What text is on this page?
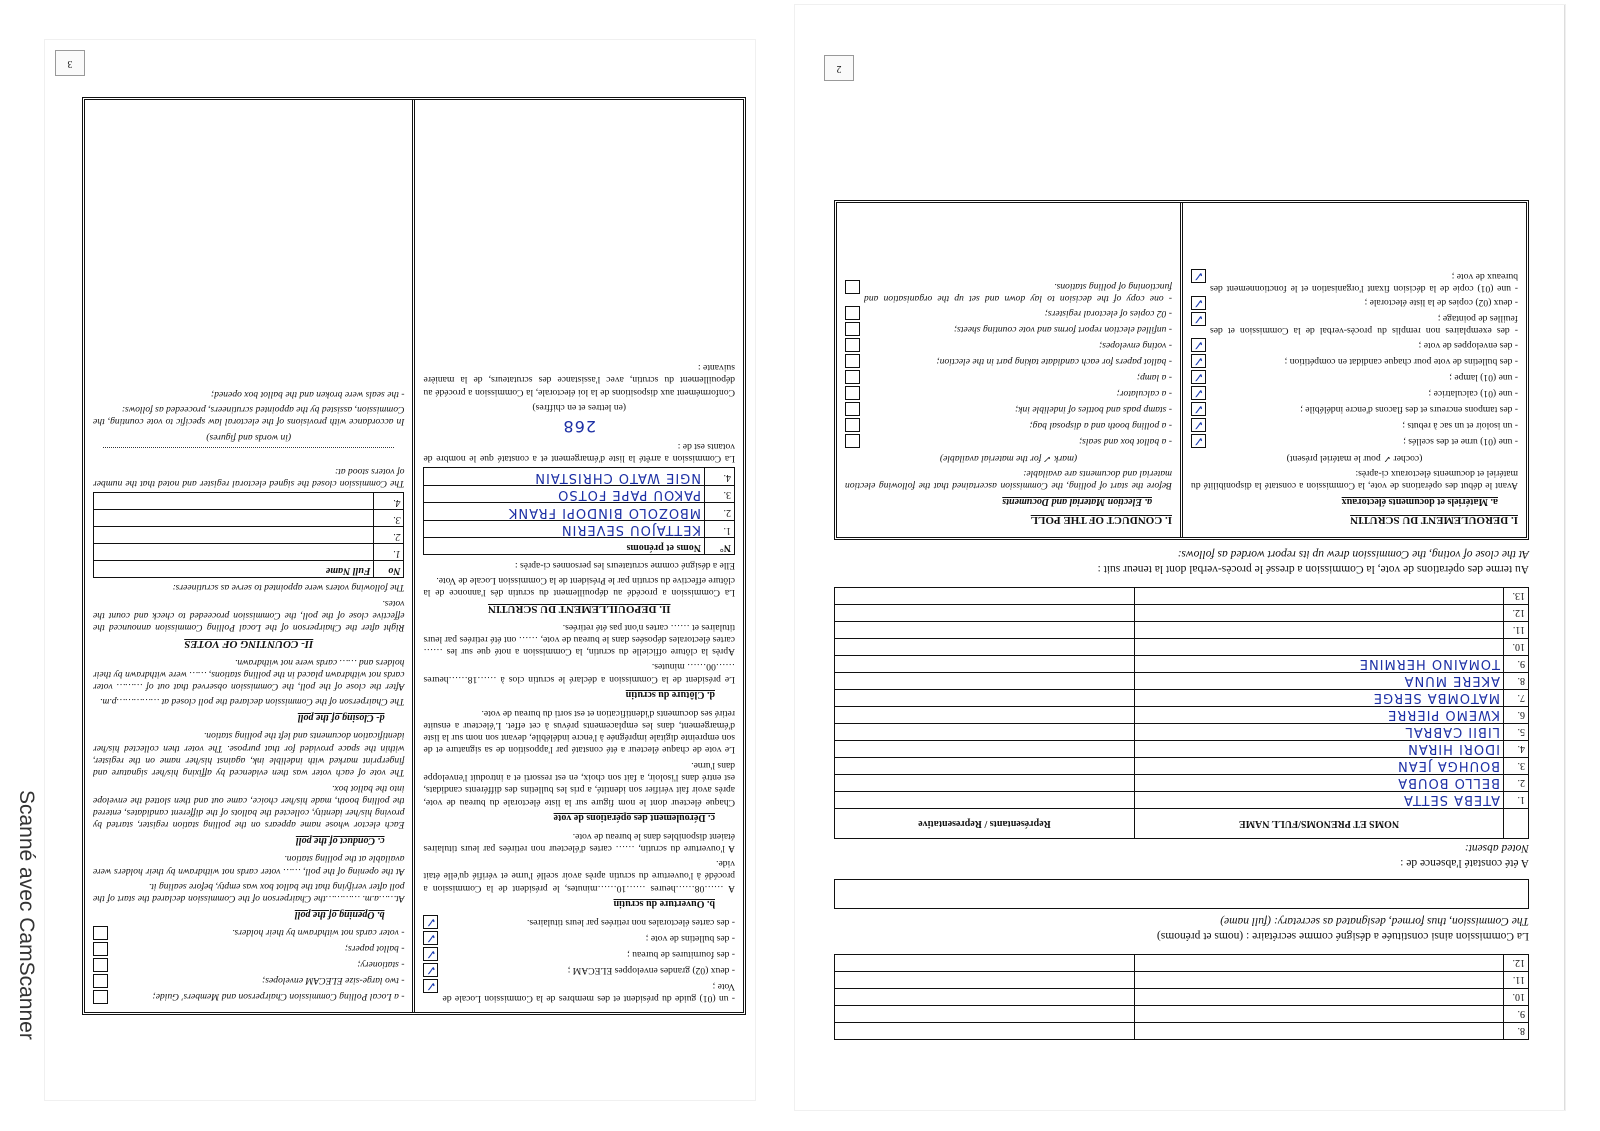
Scanné avec CamScanner
3
- un (01) guide du président et des membres de la Commission Locale de Vote ;
✓
- deux (02) grandes enveloppes ELECAM ;
✓
- des fournitures de bureau ;
✓
- des bulletins de vote ;
✓
- des cartes électorales non retirées par leurs titulaires.
✓
b. Ouverture du scrutin

A ……08……heures ……10……minutes, le président de la Commission a procédé à l'ouverture du scrutin après avoir scellé l'urne et vérifié qu'elle était vide.

A l'ouverture du scrutin, …… cartes d'électeur non retirées par leurs titulaires étaient disponibles dans le bureau de vote.

c. Déroulement des opérations de vote

Chaque électeur dont le nom figure sur la liste électorale du bureau de vote, après avoir fait vérifier son identité, a pris les bulletins des différents candidats, est entré dans l'isoloir, a fait son choix, en est ressorti et a introduit l'enveloppe dans l'urne.

Le vote de chaque électeur a été constaté par l'apposition de sa signature et de son empreinte digitale imprégnée à l'encre indélébile, devant son nom sur la liste d'émargement, dans les emplacements prévus à cet effet. L'électeur a ensuite retiré ses documents d'identification et est sorti du bureau de vote.

d. Clôture du scrutin

Le président de la Commission a déclaré le scrutin clos à ……18……heures ……00…… minutes.

Après la clôture officielle du scrutin, la Commission a noté que sur les …… cartes électorales déposées dans le bureau de vote, …… ont été retirées par leurs titulaires et …… cartes n'ont pas été retirées.

II. DEPOUILLEMENT DU SCRUTIN

La Commission a procédé au dépouillement du scrutin dès l'annonce de la clôture effective du scrutin par le Président de la Commission Locale de Vote.

Elle a désigné comme scrutateurs les personnes ci-après :

N°	Noms et prénoms
1.	KETTAJOU SEVERIN
2.	MBOZOLO BINDOPI FRANK
3.	PAKOU PAPE FOTSO
4.	NGIE WATO CHRISTAIN

La Commission a arrêté la liste d'émargement et a constaté que le nombre de votants est de :

268

(en lettres et en chiffres)

Conformément aux dispositions de la loi électorale, la Commission a procédé au dépouillement du scrutin, avec l'assistance des scrutateurs, de la manière suivante :

- a Local Polling Commission Chairperson and Members' Guide;
- two large-size ELECAM envelopes;
- stationery;
- ballot papers;
- voter cards not withdrawn by their holders.
b. Opening of the poll

At……a.m. …………the Chairperson of the Commission declared the start of the poll after verifying that the ballot box was empty, before sealing it.

At the opening of the poll, …… voter cards not withdrawn by their holders were available at the polling station.

c. Conduct of the poll

Each elector whose name appears on the polling station register, started by proving his/her identity, collected the ballots of the different candidates, entered the polling booth, made his/her choice, came out and then slotted the envelope into the ballot box.

The vote of each voter was then evidenced by affixing his/her signature and fingerprint marked with indelible ink, against his/her name on the register, within the space provided for that purpose. The voter then collected his/her identification documents and left the polling station.

d- Closing of the poll

The Chairperson of the Commission declared the poll closed at ……………p.m.

After the close of the poll, the Commission observed that out of ……… voter cards not withdrawn placed in the polling stations, …… were withdrawn by their holders and …… cards were not withdrawn.

II- COUNTING OF VOTES

Right after the Chairperson of the Local Polling Commission announced the effective close of the poll, the Commission proceeded to check and count the votes.

The following voters were appointed to serve as scrutineers:

No	Full Name
1.	
2.	
3.	
4.	

The Commission closed the signed electoral register and noted that the number of voters stood at:

(in words and figures)

In accordance with provisions of the electoral law specific to vote counting, the Commission, assisted by the appointed scrutineers, proceeded as follows:

- the seals were broken and the ballot box opened;

2
8.		
9.		
10.		
11.		
12.		

La Commission ainsi constituée a désigné comme secrétaire : (noms et prénoms)

The Commission, thus formed, designated as secretary: (full name)

A été constaté l'absence de :

Noted absent:

	NOMS ET PRENOMS/FULL NAME	Représentants / Representative
1.	ATEBA SETTA	
2.	BELLO BOUBA	
3.	BOUHGA JEAN	
4.	IDORI HIRAN	
5.	LIBII CABRAL	
6.	KWEMO PIERRE	
7.	MATOMBA SERGE	
8.	AKERE MUNA	
9.	TOMAINO HERMINE	
10.		
11.		
12.		
13.		

Au terme des opérations de vote, la Commission a dressé le procès-verbal dont la teneur suit :

At the close of voting, the Commission drew up its report worded as follows:

I. DEROULEMENT DU SCRUTIN
a. Matériels et documents électoraux

Avant le début des opérations de vote, la Commission a constaté la disponibilité du matériel et documents électoraux ci-après:

(cocher ✓ pour le matériel présent)

- une (01) urne et des scellés ;
✓
- un isoloir et un sac à rebuts ;
✓
- des tampons encreurs et des flacons d'encre indélébile ;
✓
- une (01) calculatrice ;
✓
- une (01) lampe ;
✓
- des bulletins de vote pour chaque candidat en compétition ;
✓
- des enveloppes de vote ;
✓
- des exemplaires non remplis du procès-verbal de la Commission et des feuilles de pointage ;
✓
- deux (02) copies de la liste électorale ;
✓
- une (01) copie de la décision fixant l'organisation et le fonctionnement des bureaux de vote ;
✓
I. CONDUCT OF THE POLL
a. Election Material and Documents

Before the start of polling, the Commission ascertained that the following election material and documents are available:

(mark ✓ for the material available)

- a ballot box and seals;
- a polling booth and a disposal bag;
- stamp pads and bottles of indelible ink;
- a calculator;
- a lamp;
- ballot papers for each candidate taking part in the election;
- voting envelopes;
- unfilled election report forms and vote counting sheets;
- 02 copies of electoral registers;
- one copy of the decision to lay down and set up the organisation and functioning of polling stations.
